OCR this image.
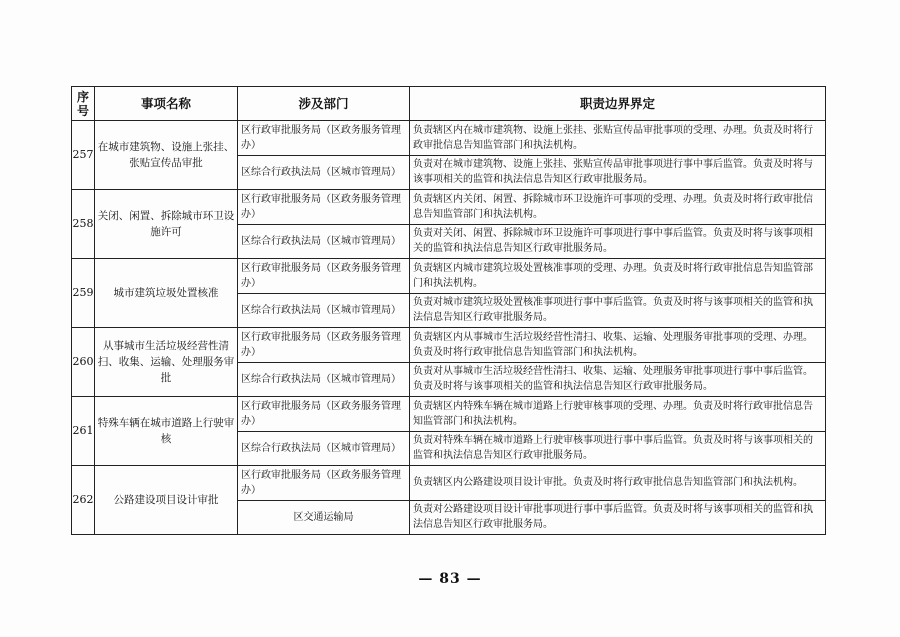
序号	事项名称	涉及部门	职责边界界定
257	在城市建筑物、设施上张挂、张贴宣传品审批	区行政审批服务局（区政务服务管理办）	负责辖区内在城市建筑物、设施上张挂、张贴宣传品审批事项的受理、办理。负责及时将行政审批信息告知监管部门和执法机构。
		区综合行政执法局（区城市管理局）	负责对在城市建筑物、设施上张挂、张贴宣传品审批事项进行事中事后监管。负责及时将与该事项相关的监管和执法信息告知区行政审批服务局。
258	关闭、闲置、拆除城市环卫设施许可	区行政审批服务局（区政务服务管理办）	负责辖区内关闭、闲置、拆除城市环卫设施许可事项的受理、办理。负责及时将行政审批信息告知监管部门和执法机构。
		区综合行政执法局（区城市管理局）	负责对关闭、闲置、拆除城市环卫设施许可事项进行事中事后监管。负责及时将与该事项相关的监管和执法信息告知区行政审批服务局。
259	城市建筑垃圾处置核准	区行政审批服务局（区政务服务管理办）	负责辖区内城市建筑垃圾处置核准事项的受理、办理。负责及时将行政审批信息告知监管部门和执法机构。
		区综合行政执法局（区城市管理局）	负责对城市建筑垃圾处置核准事项进行事中事后监管。负责及时将与该事项相关的监管和执法信息告知区行政审批服务局。
260	从事城市生活垃圾经营性清扫、收集、运输、处理服务审批	区行政审批服务局（区政务服务管理办）	负责辖区内从事城市生活垃圾经营性清扫、收集、运输、处理服务审批事项的受理、办理。负责及时将行政审批信息告知监管部门和执法机构。
		区综合行政执法局（区城市管理局）	负责对从事城市生活垃圾经营性清扫、收集、运输、处理服务审批事项进行事中事后监管。负责及时将与该事项相关的监管和执法信息告知区行政审批服务局。
261	特殊车辆在城市道路上行驶审核	区行政审批服务局（区政务服务管理办）	负责辖区内特殊车辆在城市道路上行驶审核事项的受理、办理。负责及时将行政审批信息告知监管部门和执法机构。
		区综合行政执法局（区城市管理局）	负责对特殊车辆在城市道路上行驶审核事项进行事中事后监管。负责及时将与该事项相关的监管和执法信息告知区行政审批服务局。
262	公路建设项目设计审批	区行政审批服务局（区政务服务管理办）	负责辖区内公路建设项目设计审批。负责及时将行政审批信息告知监管部门和执法机构。
		区交通运输局	负责对公路建设项目设计审批事项进行事中事后监管。负责及时将与该事项相关的监管和执法信息告知区行政审批服务局。
— 83 —
